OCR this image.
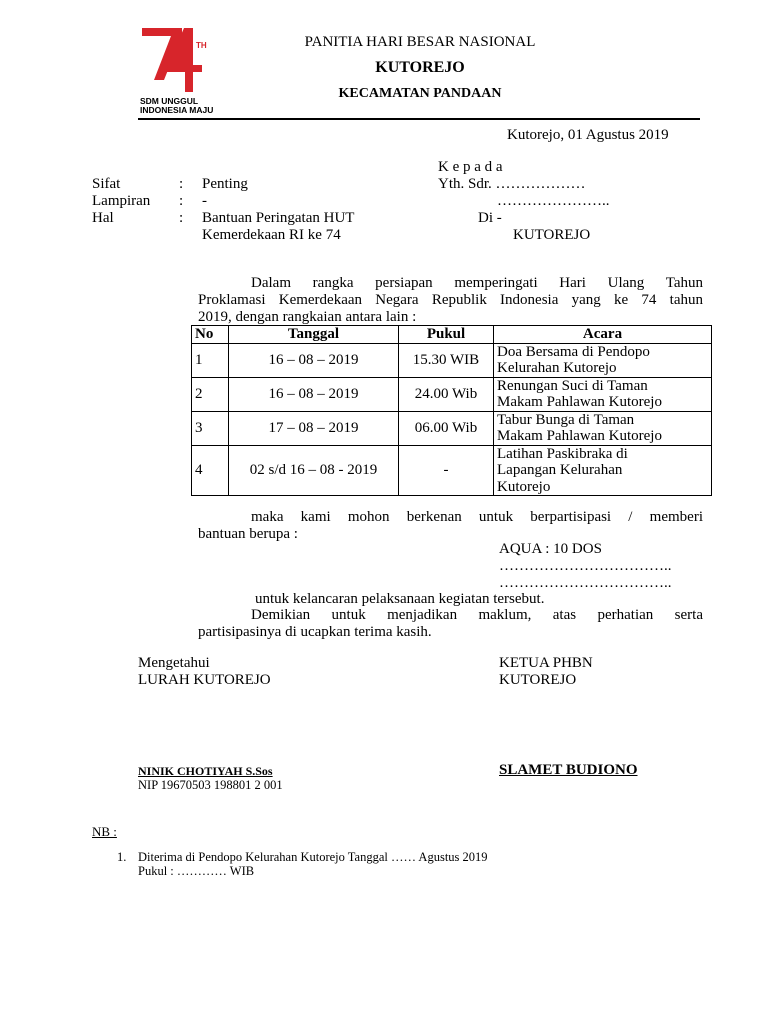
TH
SDM UNGGUL
INDONESIA MAJU
PANITIA HARI BESAR NASIONAL
KUTOREJO
KECAMATAN PANDAAN
Kutorejo, 01 Agustus 2019
Sifat	: Penting
Lampiran : -
Hal	: Bantuan Peringatan HUT
Kemerdekaan RI ke 74
K e p a d a
Yth. Sdr. ………………
…………………..
Di -
KUTOREJO
Dalam rangka persiapan memperingati Hari Ulang Tahun
Proklamasi Kemerdekaan Negara Republik Indonesia yang ke 74 tahun
2019, dengan rangkaian antara lain :
No	Tanggal	Pukul	Acara
1	16 – 08 – 2019	15.30 WIB	Doa Bersama di Pendopo
Kelurahan Kutorejo

2	16 – 08 – 2019	24.00 Wib	Renungan Suci di Taman
Makam Pahlawan Kutorejo

3	17 – 08 – 2019	06.00 Wib	Tabur Bunga di Taman
Makam Pahlawan Kutorejo

4	02 s/d 16 – 08 - 2019	-	Latihan Paskibraka di
Lapangan Kelurahan
Kutorejo
maka kami mohon berkenan untuk berpartisipasi / memberi
bantuan berupa :
AQUA : 10 DOS
……………………………..
……………………………..
untuk kelancaran pelaksanaan kegiatan tersebut.
Demikian untuk menjadikan maklum, atas perhatian serta
partisipasinya di ucapkan terima kasih.
Mengetahui
LURAH KUTOREJO
KETUA PHBN
KUTOREJO
NINIK CHOTIYAH S.Sos
NIP 19670503 198801 2 001
SLAMET BUDIONO
NB :
1. Diterima di Pendopo Kelurahan Kutorejo Tanggal …… Agustus 2019
Pukul : ………… WIB
